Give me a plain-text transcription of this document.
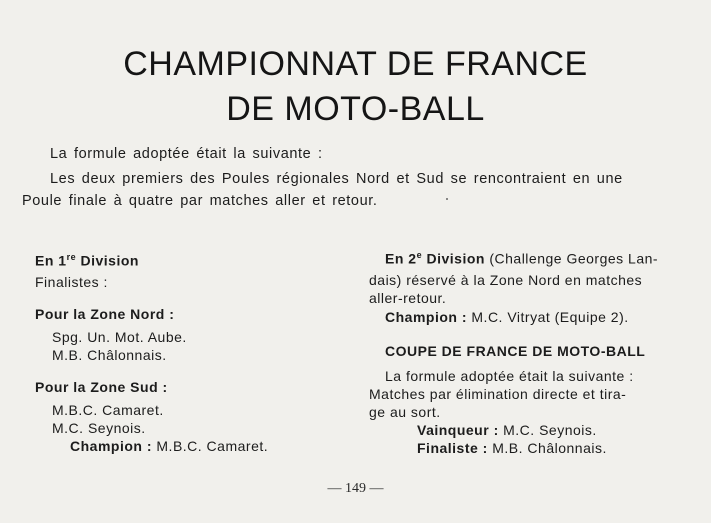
CHAMPIONNAT DE FRANCE
DE MOTO-BALL
La formule adoptée était la suivante :
Les deux premiers des Poules régionales Nord et Sud se rencontraient en une
Poule finale à quatre par matches aller et retour.
En 1re Division
Finalistes :
Pour la Zone Nord :
Spg. Un. Mot. Aube.
M.B. Châlonnais.
Pour la Zone Sud :
M.B.C. Camaret.
M.C. Seynois.
Champion : M.B.C. Camaret.
En 2e Division (Challenge Georges Lan-
dais) réservé à la Zone Nord en matches
aller-retour.
Champion : M.C. Vitryat (Equipe 2).
COUPE DE FRANCE DE MOTO-BALL
La formule adoptée était la suivante :
Matches par élimination directe et tira-
ge au sort.
Vainqueur : M.C. Seynois.
Finaliste : M.B. Châlonnais.
— 149 —
